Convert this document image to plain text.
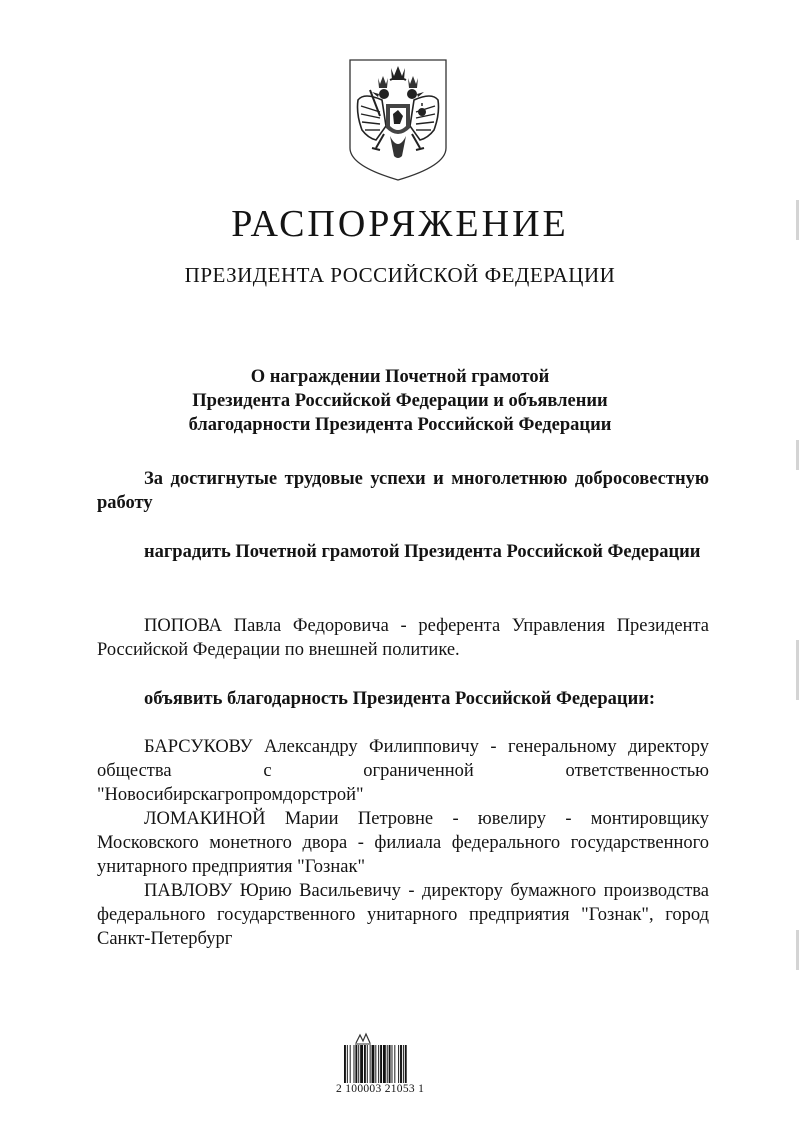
РАСПОРЯЖЕНИЕ
ПРЕЗИДЕНТА РОССИЙСКОЙ ФЕДЕРАЦИИ
О награждении Почетной грамотой
Президента Российской Федерации и объявлении
благодарности Президента Российской Федерации
За достигнутые трудовые успехи и многолетнюю добросовестную работу
наградить Почетной грамотой Президента Российской Федерации
ПОПОВА Павла Федоровича - референта Управления Президента Российской Федерации по внешней политике.
объявить благодарность Президента Российской Федерации:
БАРСУКОВУ Александру Филипповичу - генеральному директору общества с ограниченной ответственностью "Новосибирскагропромдорстрой"
ЛОМАКИНОЙ Марии Петровне - ювелиру - монтировщику Московского монетного двора - филиала федерального государственного унитарного предприятия "Гознак"
ПАВЛОВУ Юрию Васильевичу - директору бумажного производства федерального государственного унитарного предприятия "Гознак", город Санкт-Петербург
2 100003 21053 1
